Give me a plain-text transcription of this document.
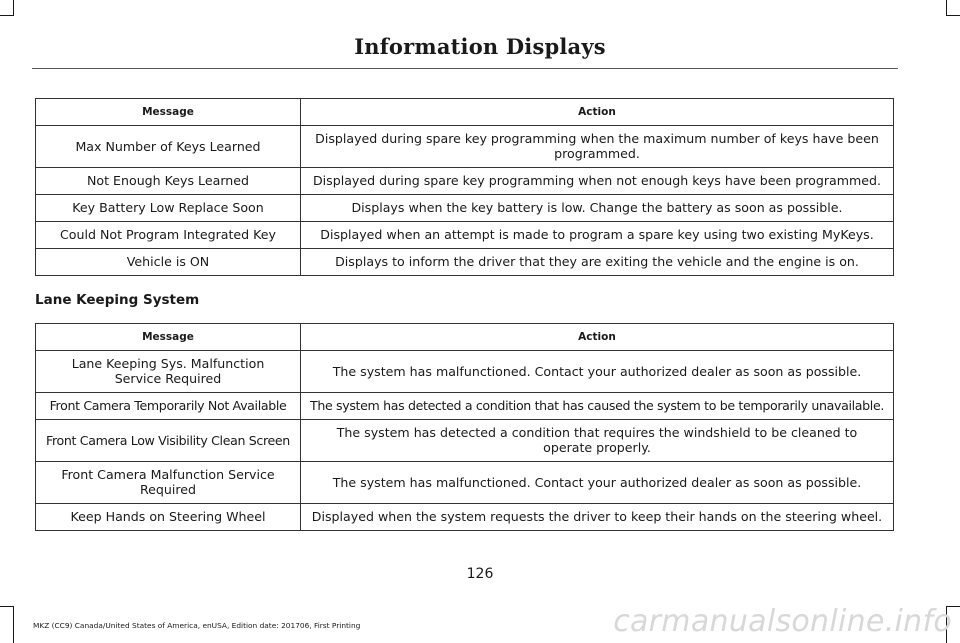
Information Displays
Message	Action
Max Number of Keys Learned	Displayed during spare key programming when the maximum number of keys have been programmed.
Not Enough Keys Learned	Displayed during spare key programming when not enough keys have been programmed.
Key Battery Low Replace Soon	Displays when the key battery is low. Change the battery as soon as possible.
Could Not Program Integrated Key	Displayed when an attempt is made to program a spare key using two existing MyKeys.
Vehicle is ON	Displays to inform the driver that they are exiting the vehicle and the engine is on.
Lane Keeping System
Message	Action
Lane Keeping Sys. Malfunction Service Required	The system has malfunctioned. Contact your authorized dealer as soon as possible.
Front Camera Temporarily Not Available	The system has detected a condition that has caused the system to be temporarily unavailable.
Front Camera Low Visibility Clean Screen	The system has detected a condition that requires the windshield to be cleaned to operate properly.
Front Camera Malfunction Service Required	The system has malfunctioned. Contact your authorized dealer as soon as possible.
Keep Hands on Steering Wheel	Displayed when the system requests the driver to keep their hands on the steering wheel.
126
MKZ (CC9) Canada/United States of America, enUSA, Edition date: 201706, First Printing	carmanualsonline.info
